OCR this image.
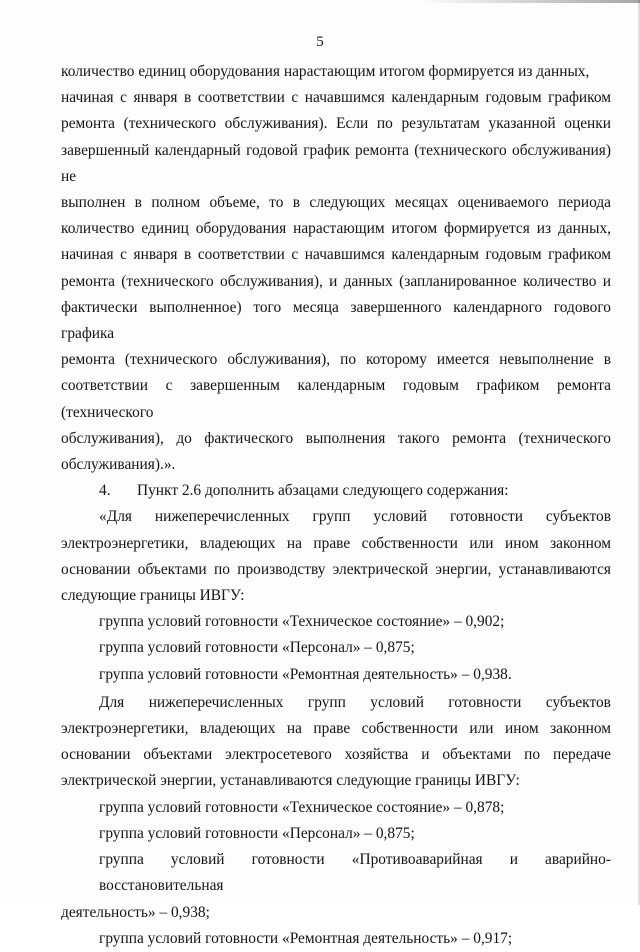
5
количество единиц оборудования нарастающим итогом формируется из данных,
начиная с января в соответствии с начавшимся календарным годовым графиком
ремонта (технического обслуживания). Если по результатам указанной оценки
завершенный календарный годовой график ремонта (технического обслуживания) не
выполнен в полном объеме, то в следующих месяцах оцениваемого периода
количество единиц оборудования нарастающим итогом формируется из данных,
начиная с января в соответствии с начавшимся календарным годовым графиком
ремонта (технического обслуживания), и данных (запланированное количество и
фактически выполненное) того месяца завершенного календарного годового графика
ремонта (технического обслуживания), по которому имеется невыполнение в
соответствии с завершенным календарным годовым графиком ремонта (технического
обслуживания), до фактического выполнения такого ремонта (технического
обслуживания).».
4. Пункт 2.6 дополнить абзацами следующего содержания:
«Для нижеперечисленных групп условий готовности субъектов
электроэнергетики, владеющих на праве собственности или ином законном
основании объектами по производству электрической энергии, устанавливаются
следующие границы ИВГУ:
группа условий готовности «Техническое состояние» – 0,902;
группа условий готовности «Персонал» – 0,875;
группа условий готовности «Ремонтная деятельность» – 0,938.
Для нижеперечисленных групп условий готовности субъектов
электроэнергетики, владеющих на праве собственности или ином законном
основании объектами электросетевого хозяйства и объектами по передаче
электрической энергии, устанавливаются следующие границы ИВГУ:
группа условий готовности «Техническое состояние» – 0,878;
группа условий готовности «Персонал» – 0,875;
группа условий готовности «Противоаварийная и аварийно-восстановительная
деятельность» – 0,938;
группа условий готовности «Ремонтная деятельность» – 0,917;
